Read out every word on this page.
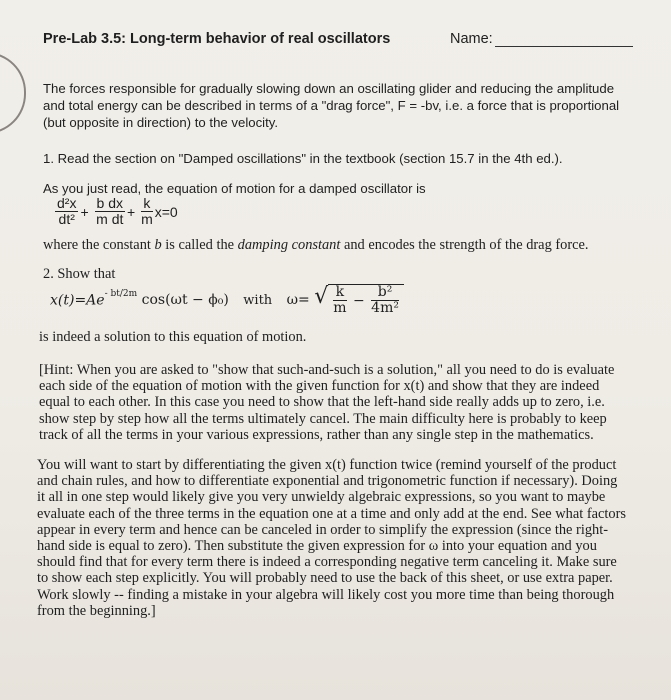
Pre-Lab 3.5: Long-term behavior of real oscillators	Name:
The forces responsible for gradually slowing down an oscillating glider and reducing the amplitude and total energy can be described in terms of a "drag force", F = -bv, i.e. a force that is proportional (but opposite in direction) to the velocity.
1. Read the section on "Damped oscillations" in the textbook (section 15.7 in the 4th ed.).
As you just read, the equation of motion for a damped oscillator is
$\frac{\text{d²x}}{\text{dt²}} + \frac{\text{b dx}}{\text{m dt}} + \frac{k}{m} x=0$
where the constant b is called the damping constant and encodes the strength of the drag force.
2. Show that
$x(t)=Ae^{- bt/2m}$ cos(ωt − ϕ₀) with ω= √ $\frac{k}{m} - \frac{\text{b²}}{\text{4m²}}$
is indeed a solution to this equation of motion.
[Hint: When you are asked to "show that such-and-such is a solution," all you need to do is evaluate each side of the equation of motion with the given function for x(t) and show that they are indeed equal to each other. In this case you need to show that the left-hand side really adds up to zero, i.e. show step by step how all the terms ultimately cancel. The main difficulty here is probably to keep track of all the terms in your various expressions, rather than any single step in the mathematics.
You will want to start by differentiating the given x(t) function twice (remind yourself of the product and chain rules, and how to differentiate exponential and trigonometric function if necessary). Doing it all in one step would likely give you very unwieldy algebraic expressions, so you want to maybe evaluate each of the three terms in the equation one at a time and only add at the end. See what factors appear in every term and hence can be canceled in order to simplify the expression (since the right-hand side is equal to zero). Then substitute the given expression for ω into your equation and you should find that for every term there is indeed a corresponding negative term canceling it. Make sure to show each step explicitly. You will probably need to use the back of this sheet, or use extra paper. Work slowly -- finding a mistake in your algebra will likely cost you more time than being thorough from the beginning.]
